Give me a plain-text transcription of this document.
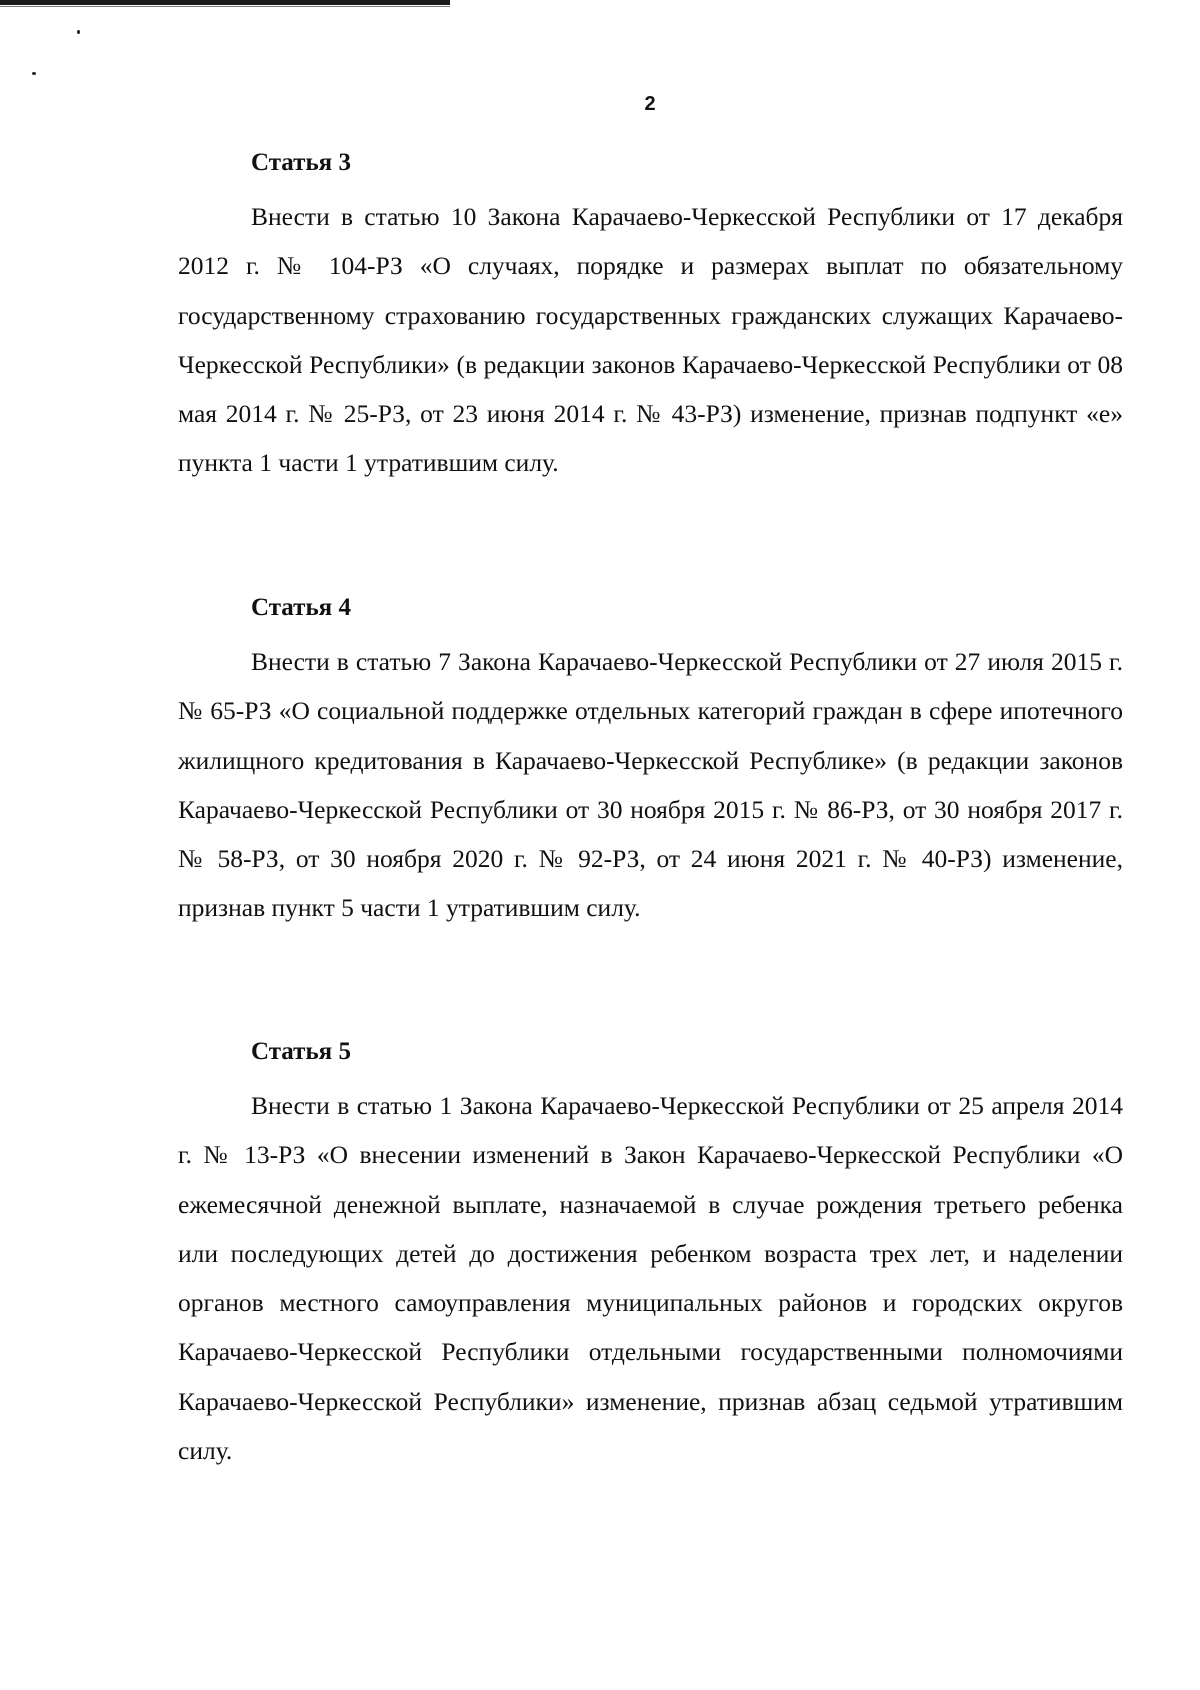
2
Статья 3

Внести в статью 10 Закона Карачаево-Черкесской Республики от 17 декабря 2012 г. № 104-РЗ «О случаях, порядке и размерах выплат по обязательному государственному страхованию государственных гражданских служащих Карачаево-Черкесской Республики» (в редакции законов Карачаево-Черкесской Республики от 08 мая 2014 г. № 25-РЗ, от 23 июня 2014 г. № 43-РЗ) изменение, признав подпункт «е» пункта 1 части 1 утратившим силу.

Статья 4

Внести в статью 7 Закона Карачаево-Черкесской Республики от 27 июля 2015 г. № 65-РЗ «О социальной поддержке отдельных категорий граждан в сфере ипотечного жилищного кредитования в Карачаево-Черкесской Республике» (в редакции законов Карачаево-Черкесской Республики от 30 ноября 2015 г. № 86-РЗ, от 30 ноября 2017 г. № 58-РЗ, от 30 ноября 2020 г. № 92-РЗ, от 24 июня 2021 г. № 40-РЗ) изменение, признав пункт 5 части 1 утратившим силу.

Статья 5

Внести в статью 1 Закона Карачаево-Черкесской Республики от 25 апреля 2014 г. № 13-РЗ «О внесении изменений в Закон Карачаево-Черкесской Республики «О ежемесячной денежной выплате, назначаемой в случае рождения третьего ребенка или последующих детей до достижения ребенком возраста трех лет, и наделении органов местного самоуправления муниципальных районов и городских округов Карачаево-Черкесской Республики отдельными государственными полномочиями Карачаево-Черкесской Республики» изменение, признав абзац седьмой утратившим силу.
